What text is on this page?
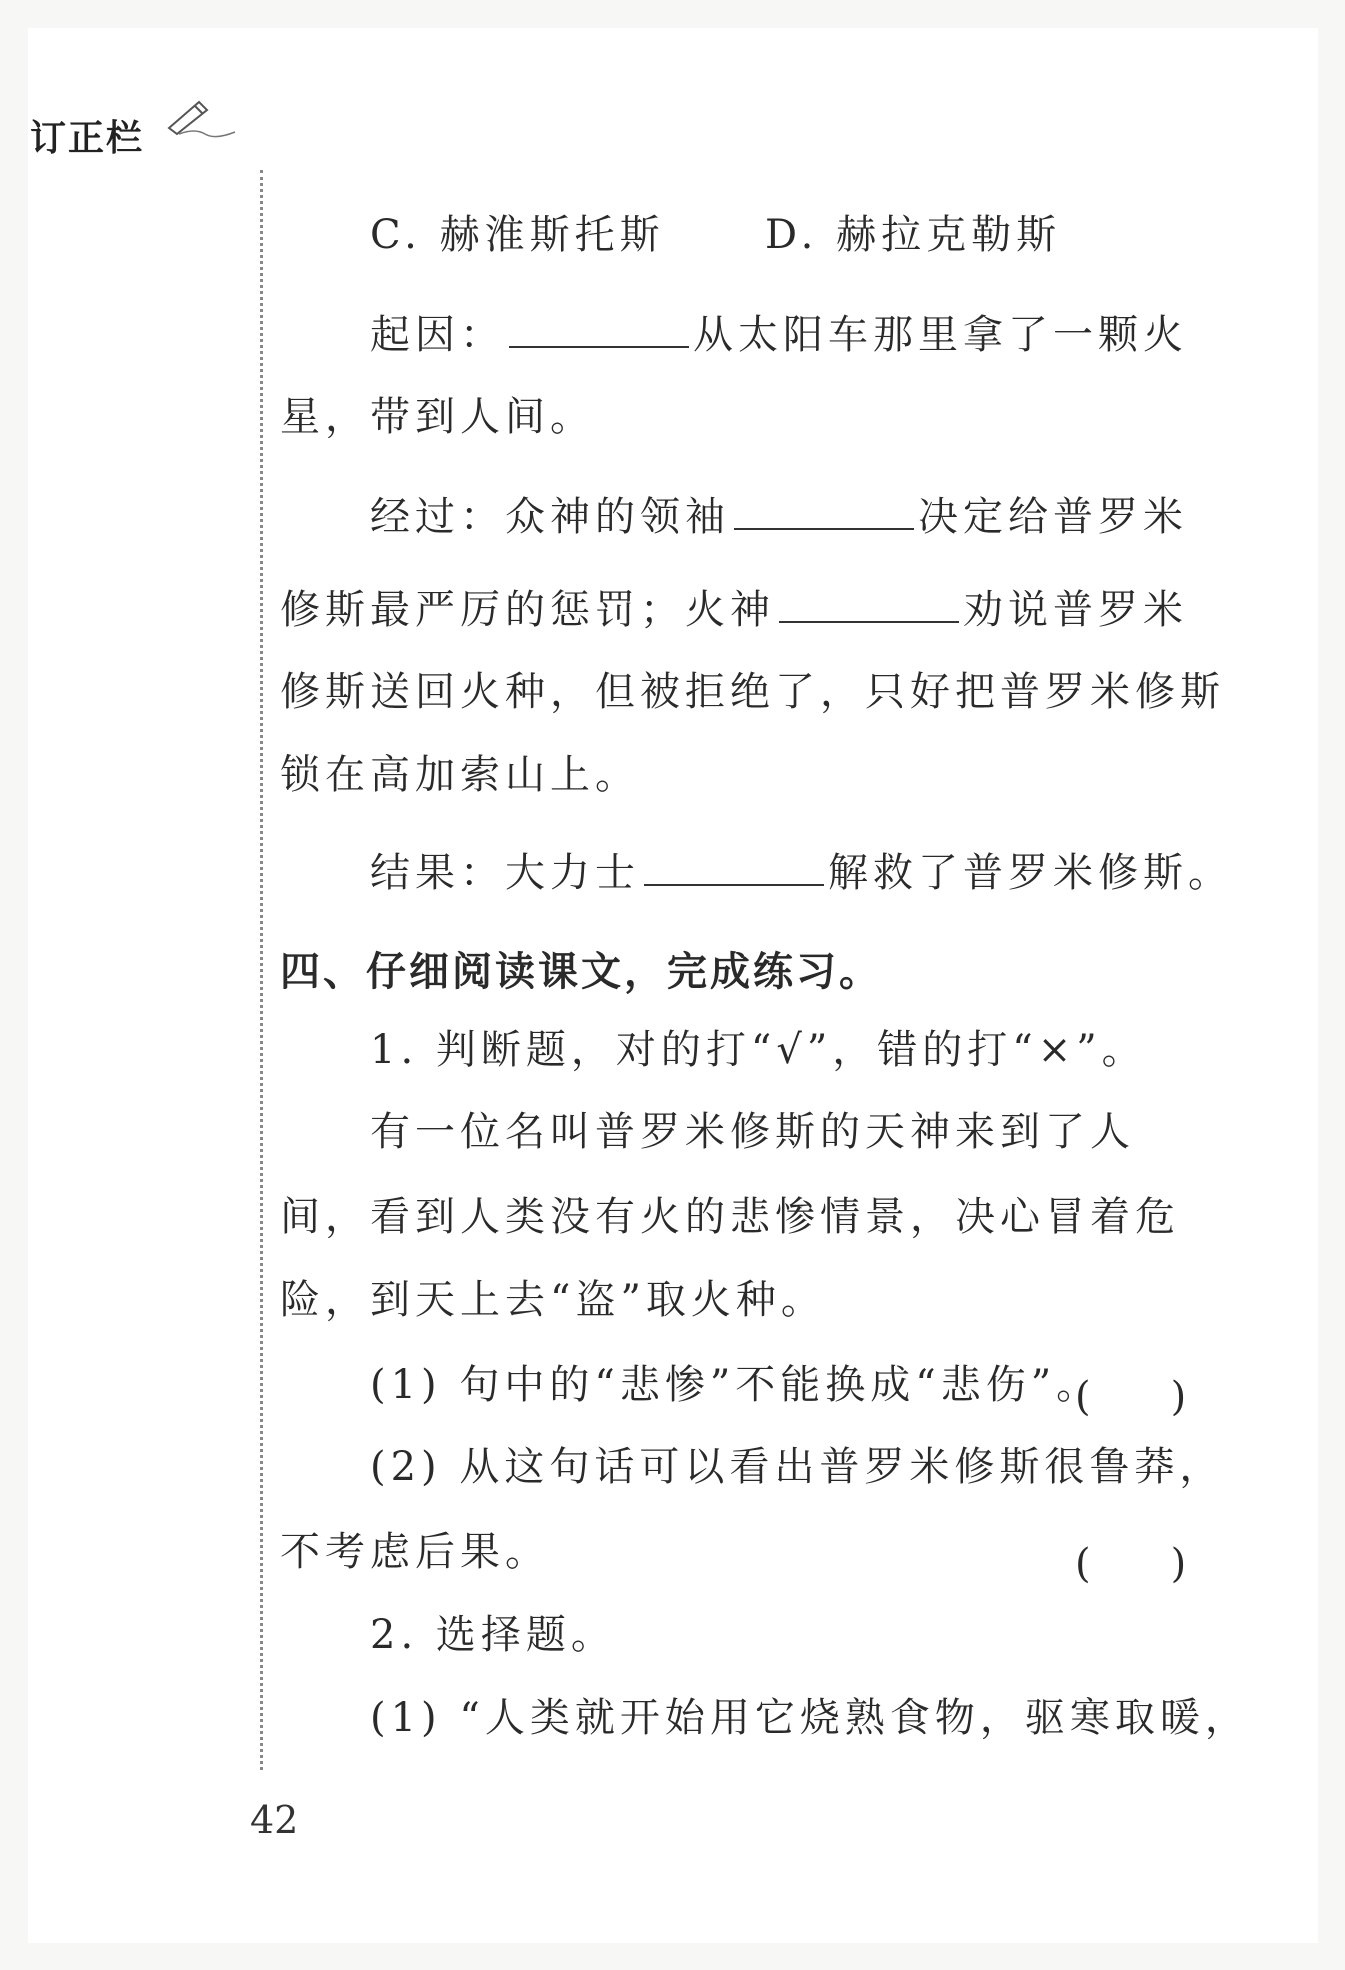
订正栏
C. 赫淮斯托斯	D. 赫拉克勒斯
起因：	从太阳车那里拿了一颗火
星，带到人间。
经过：众神的领袖	决定给普罗米
修斯最严厉的惩罚；火神	劝说普罗米
修斯送回火种，但被拒绝了，只好把普罗米修斯
锁在高加索山上。
结果：大力士	解救了普罗米修斯。
四、仔细阅读课文，完成练习。
1. 判断题，对的打“√”，错的打“×”。
有一位名叫普罗米修斯的天神来到了人
间，看到人类没有火的悲惨情景，决心冒着危
险，到天上去“盗”取火种。
(1) 句中的“悲惨”不能换成“悲伤”。
(　　)
(2) 从这句话可以看出普罗米修斯很鲁莽，
不考虑后果。	(　　)
2. 选择题。
(1) “人类就开始用它烧熟食物，驱寒取暖，
42
